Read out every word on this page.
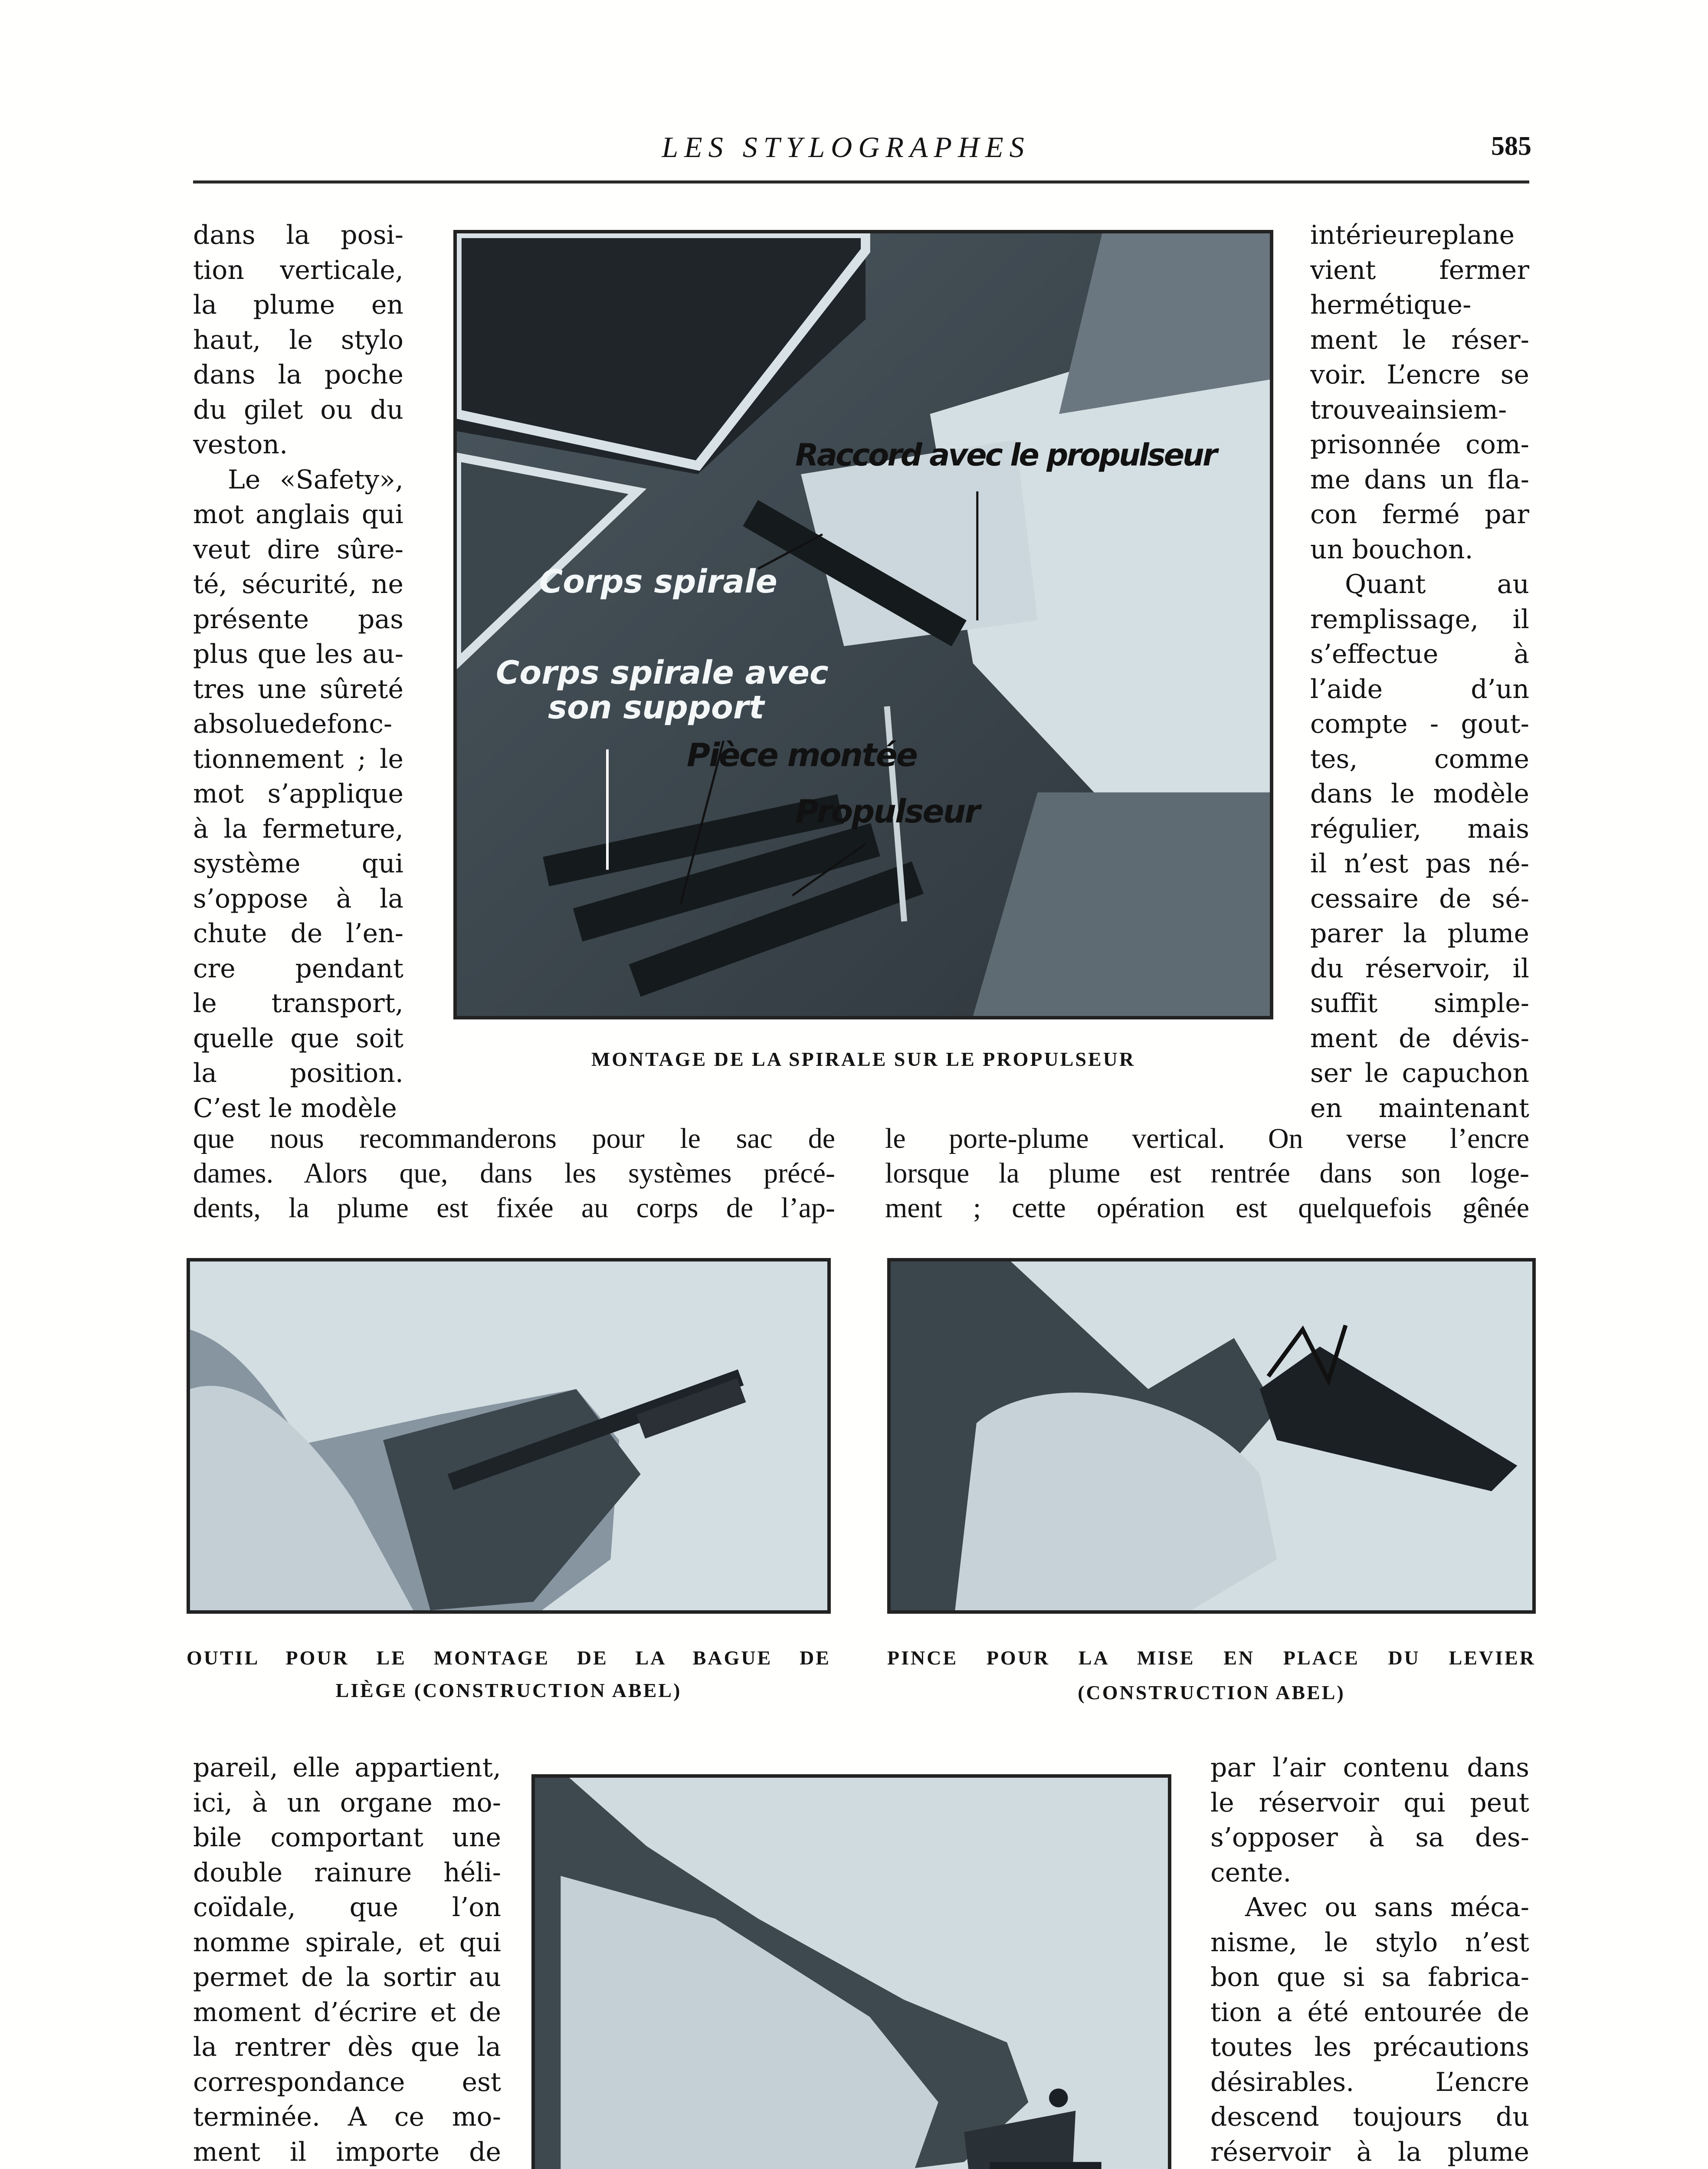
LES STYLOGRAPHES	585
dans la posi-
tion verticale,
la plume en
haut, le stylo
dans la poche
du gilet ou du
veston.
Le «Safety»,
mot anglais qui
veut dire sûre-
té, sécurité, ne
présente pas
plus que les au-
tres une sûreté
absoluedefonc-
tionnement ; le
mot s’applique
à la fermeture,
système qui
s’oppose à la
chute de l’en-
cre pendant
le transport,
quelle que soit
la position.
C’est le modèle
Raccord avec le propulseur
Corps spirale
Corps spirale avec
son support
Pièce montée
Propulseur
MONTAGE DE LA SPIRALE SUR LE PROPULSEUR
intérieureplane
vient fermer
hermétique-
ment le réser-
voir. L’encre se
trouveainsiem-
prisonnée com-
me dans un fla-
con fermé par
un bouchon.
Quant au
remplissage, il
s’effectue à
l’aide d’un
compte - gout-
tes, comme
dans le modèle
régulier, mais
il n’est pas né-
cessaire de sé-
parer la plume
du réservoir, il
suffit simple-
ment de dévis-
ser le capuchon
en maintenant
que nous recommanderons pour le sac de
dames. Alors que, dans les systèmes précé-
dents, la plume est fixée au corps de l’ap-
le porte-plume vertical. On verse l’encre
lorsque la plume est rentrée dans son loge-
ment ; cette opération est quelquefois gênée
OUTIL POUR LE MONTAGE DE LA BAGUE DE
LIÈGE (CONSTRUCTION ABEL)
PINCE POUR LA MISE EN PLACE DU LEVIER
(CONSTRUCTION ABEL)
pareil, elle appartient,
ici, à un organe mo-
bile comportant une
double rainure héli-
coïdale, que l’on
nomme spirale, et qui
permet de la sortir au
moment d’écrire et de
la rentrer dès que la
correspondance est
terminée. A ce mo-
ment il importe de
par l’air contenu dans
le réservoir qui peut
s’opposer à sa des-
cente.
Avec ou sans méca-
nisme, le stylo n’est
bon que si sa fabrica-
tion a été entourée de
toutes les précautions
désirables. L’encre
descend toujours du
réservoir à la plume
